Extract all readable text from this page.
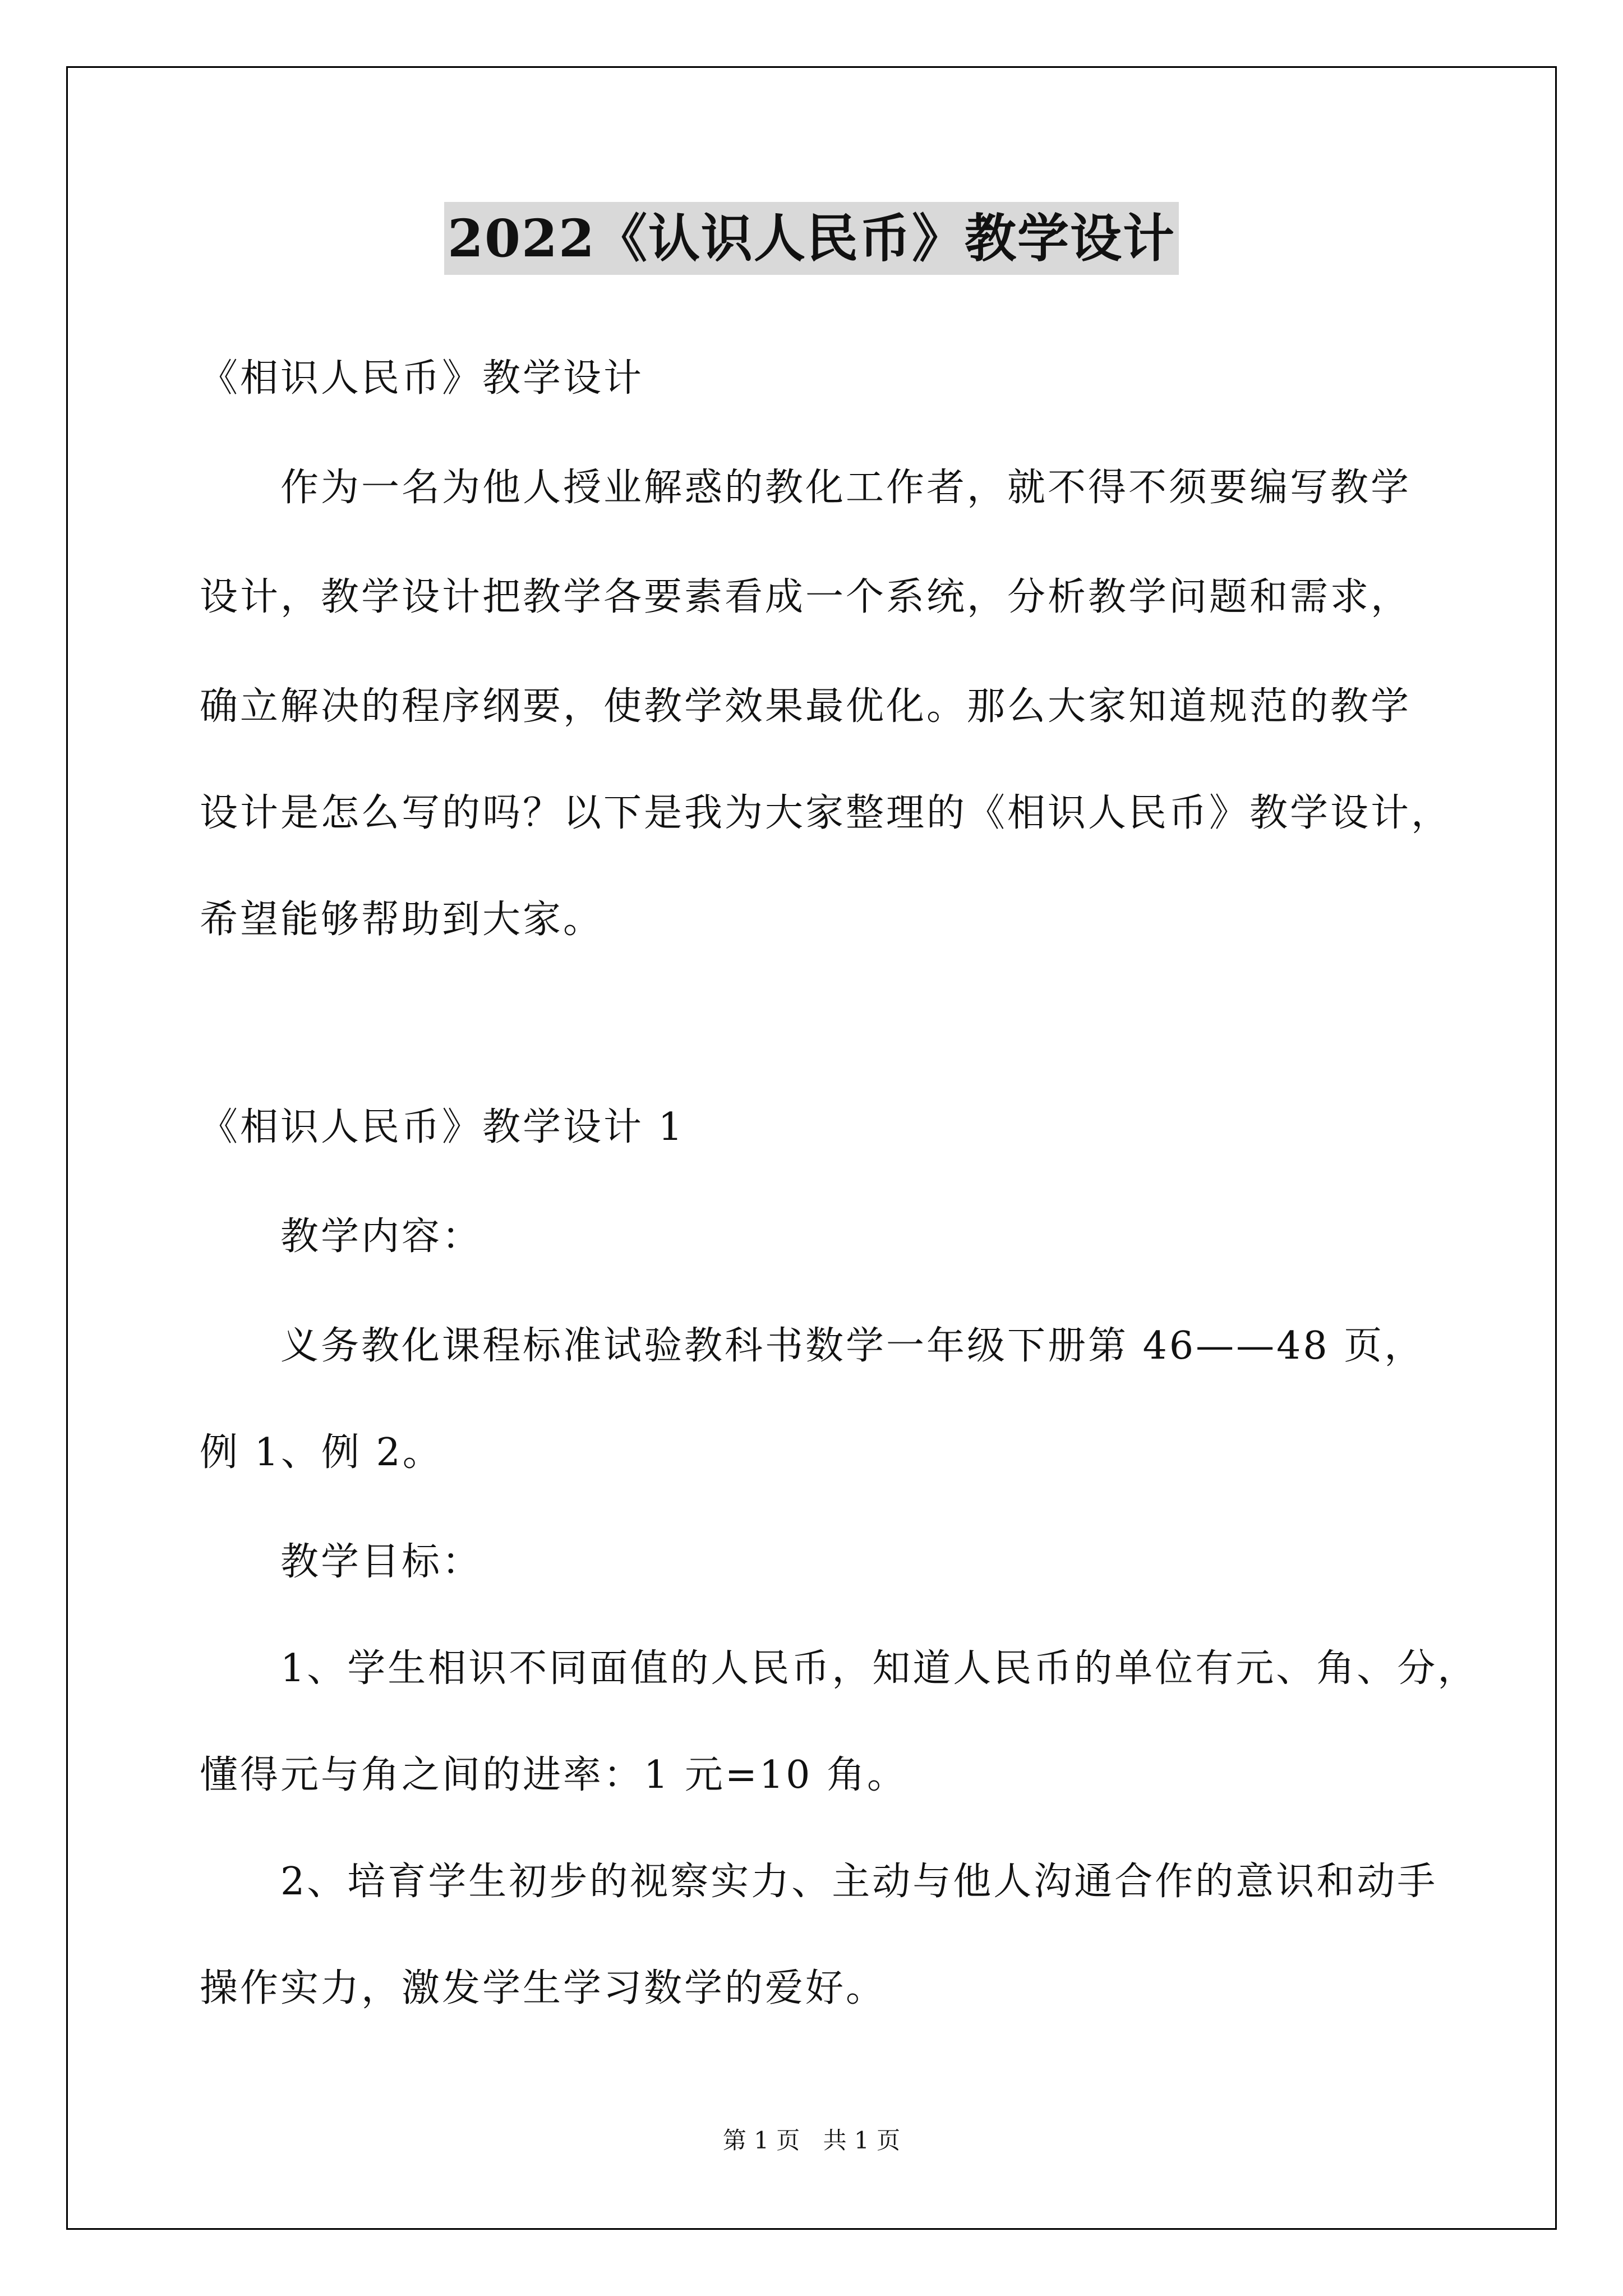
2022《认识人民币》教学设计
《相识人民币》教学设计
作为一名为他人授业解惑的教化工作者，就不得不须要编写教学
设计，教学设计把教学各要素看成一个系统，分析教学问题和需求，
确立解决的程序纲要，使教学效果最优化。那么大家知道规范的教学
设计是怎么写的吗？以下是我为大家整理的《相识人民币》教学设计，
希望能够帮助到大家。
《相识人民币》教学设计 1
教学内容：
义务教化课程标准试验教科书数学一年级下册第 46——48 页，
例 1、例 2。
教学目标：
1、学生相识不同面值的人民币，知道人民币的单位有元、角、分，
懂得元与角之间的进率：1 元=10 角。
2、培育学生初步的视察实力、主动与他人沟通合作的意识和动手
操作实力，激发学生学习数学的爱好。
第 1 页 共 1 页
